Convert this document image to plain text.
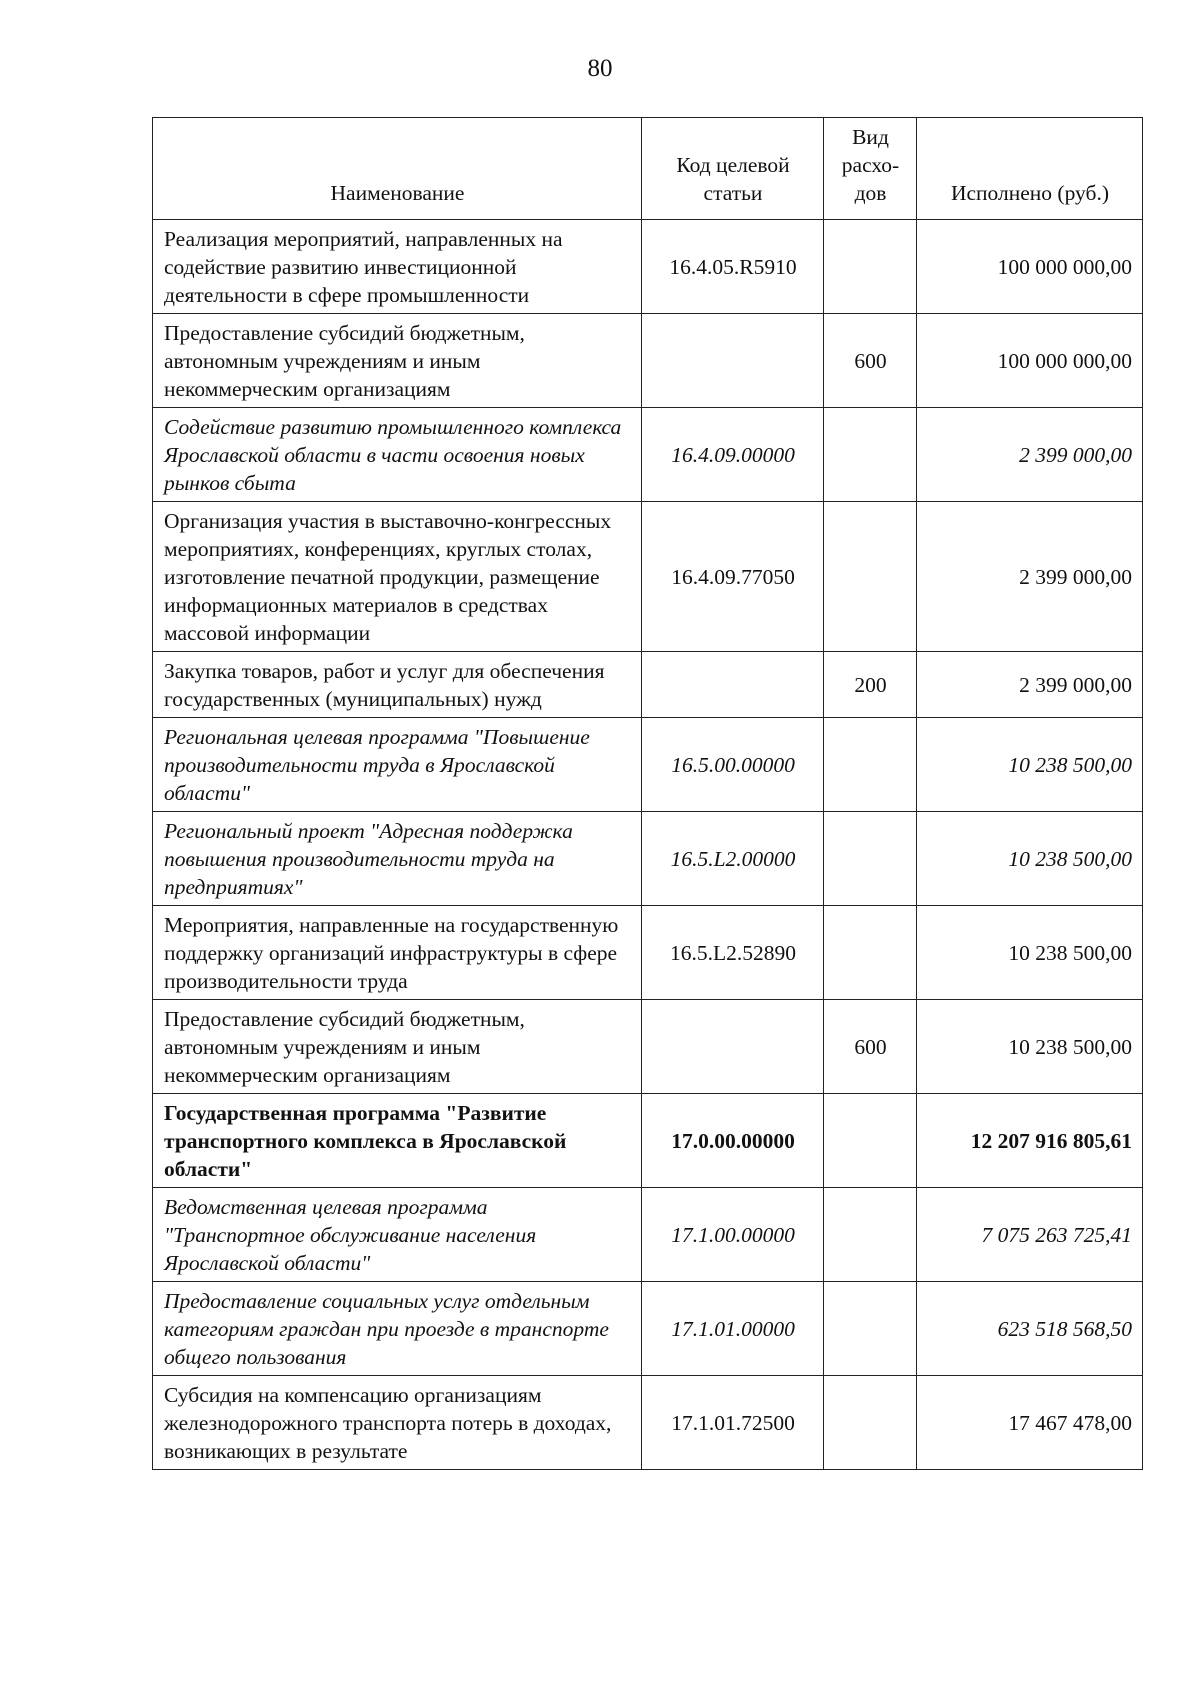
80
Наименование	Код целевой статьи	Вид расхо-дов	Исполнено (руб.)
Реализация мероприятий, направленных на содействие развитию инвестиционной деятельности в сфере промышленности	16.4.05.R5910		100 000 000,00
Предоставление субсидий бюджетным, автономным учреждениям и иным некоммерческим организациям		600	100 000 000,00
Содействие развитию промышленного комплекса Ярославской области в части освоения новых рынков сбыта	16.4.09.00000		2 399 000,00
Организация участия в выставочно-конгрессных мероприятиях, конференциях, круглых столах, изготовление печатной продукции, размещение информационных материалов в средствах массовой информации	16.4.09.77050		2 399 000,00
Закупка товаров, работ и услуг для обеспечения государственных (муниципальных) нужд		200	2 399 000,00
Региональная целевая программа "Повышение производительности труда в Ярославской области"	16.5.00.00000		10 238 500,00
Региональный проект "Адресная поддержка повышения производительности труда на предприятиях"	16.5.L2.00000		10 238 500,00
Мероприятия, направленные на государственную поддержку организаций инфраструктуры в сфере производительности труда	16.5.L2.52890		10 238 500,00
Предоставление субсидий бюджетным, автономным учреждениям и иным некоммерческим организациям		600	10 238 500,00
Государственная программа "Развитие транспортного комплекса в Ярославской области"	17.0.00.00000		12 207 916 805,61
Ведомственная целевая программа "Транспортное обслуживание населения Ярославской области"	17.1.00.00000		7 075 263 725,41
Предоставление социальных услуг отдельным категориям граждан при проезде в транспорте общего пользования	17.1.01.00000		623 518 568,50
Субсидия на компенсацию организациям железнодорожного транспорта потерь в доходах, возникающих в результате	17.1.01.72500		17 467 478,00
